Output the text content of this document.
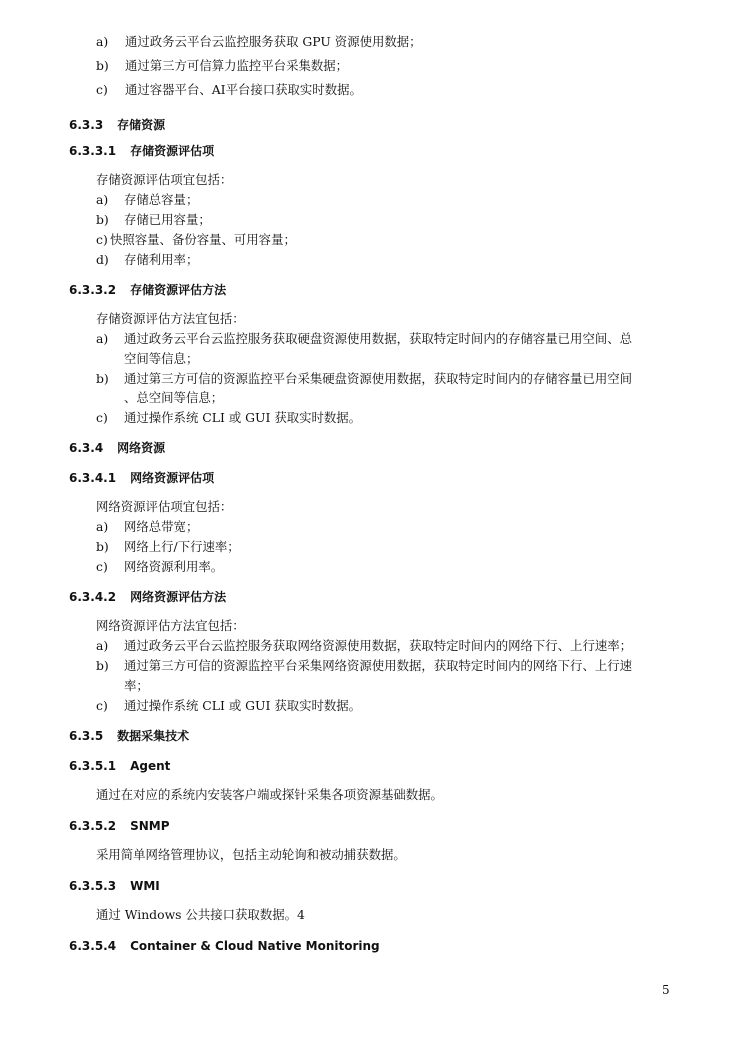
a) 通过政务云平台云监控服务获取 GPU 资源使用数据；
b) 通过第三方可信算力监控平台采集数据；
c) 通过容器平台、AI平台接口获取实时数据。
6.3.3 存储资源
6.3.3.1 存储资源评估项
存储资源评估项宜包括：
a) 存储总容量；
b) 存储已用容量；
c) 快照容量、备份容量、可用容量；
d) 存储利用率；
6.3.3.2 存储资源评估方法
存储资源评估方法宜包括：
a) 通过政务云平台云监控服务获取硬盘资源使用数据，获取特定时间内的存储容量已用空间、总
空间等信息；
b) 通过第三方可信的资源监控平台采集硬盘资源使用数据，获取特定时间内的存储容量已用空间
、总空间等信息；
c) 通过操作系统 CLI 或 GUI 获取实时数据。
6.3.4 网络资源
6.3.4.1 网络资源评估项
网络资源评估项宜包括：
a) 网络总带宽；
b) 网络上行/下行速率；
c) 网络资源利用率。
6.3.4.2 网络资源评估方法
网络资源评估方法宜包括：
a) 通过政务云平台云监控服务获取网络资源使用数据，获取特定时间内的网络下行、上行速率；
b) 通过第三方可信的资源监控平台采集网络资源使用数据，获取特定时间内的网络下行、上行速
率；
c) 通过操作系统 CLI 或 GUI 获取实时数据。
6.3.5 数据采集技术
6.3.5.1 Agent
通过在对应的系统内安装客户端或探针采集各项资源基础数据。
6.3.5.2 SNMP
采用简单网络管理协议，包括主动轮询和被动捕获数据。
6.3.5.3 WMI
通过 Windows 公共接口获取数据。4
6.3.5.4 Container & Cloud Native Monitoring
5
